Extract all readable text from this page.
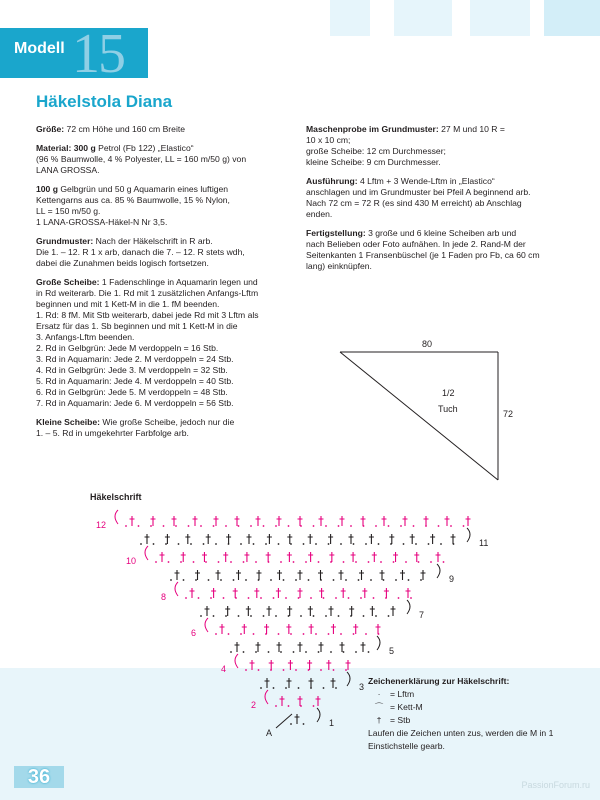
Modell 15
Häkelstola Diana

Größe: 72 cm Höhe und 160 cm Breite

Material: 300 g Petrol (Fb 122) „Elastico“
(96 % Baumwolle, 4 % Polyester, LL = 160 m/50 g) von
LANA GROSSA.

100 g Gelbgrün und 50 g Aquamarin eines luftigen
Kettengarns aus ca. 85 % Baumwolle, 15 % Nylon,
LL = 150 m/50 g.
1 LANA-GROSSA-Häkel-N Nr 3,5.

Grundmuster: Nach der Häkelschrift in R arb.
Die 1. – 12. R 1 x arb, danach die 7. – 12. R stets wdh,
dabei die Zunahmen beids logisch fortsetzen.

Große Scheibe: 1 Fadenschlinge in Aquamarin legen und
in Rd weiterarb. Die 1. Rd mit 1 zusätzlichen Anfangs-Lftm
beginnen und mit 1 Kett-M in die 1. fM beenden.
1. Rd: 8 fM. Mit Stb weiterarb, dabei jede Rd mit 3 Lftm als
Ersatz für das 1. Sb beginnen und mit 1 Kett-M in die
3. Anfangs-Lftm beenden.
2. Rd in Gelbgrün: Jede M verdoppeln = 16 Stb.
3. Rd in Aquamarin: Jede 2. M verdoppeln = 24 Stb.
4. Rd in Gelbgrün: Jede 3. M verdoppeln = 32 Stb.
5. Rd in Aquamarin: Jede 4. M verdoppeln = 40 Stb.
6. Rd in Gelbgrün: Jede 5. M verdoppeln = 48 Stb.
7. Rd in Aquamarin: Jede 6. M verdoppeln = 56 Stb.

Kleine Scheibe: Wie große Scheibe, jedoch nur die
1. – 5. Rd in umgekehrter Farbfolge arb.

Maschenprobe im Grundmuster: 27 M und 10 R =
10 x 10 cm;
große Scheibe: 12 cm Durchmesser;
kleine Scheibe: 9 cm Durchmesser.

Ausführung: 4 Lftm + 3 Wende-Lftm in „Elastico“
anschlagen und im Grundmuster bei Pfeil A beginnend arb.
Nach 72 cm = 72 R (es sind 430 M erreicht) ab Anschlag
enden.

Fertigstellung: 3 große und 6 kleine Scheiben arb und
nach Belieben oder Foto aufnähen. In jede 2. Rand-M der
Seitenkanten 1 Fransenbüschel (je 1 Faden pro Fb, ca 60 cm
lang) einknüpfen.

80
72
1/2
Tuch
Häkelschrift
12
10
8
6
4
2
11
9
7
5
3
1
A
Zeichenerklärung zur Häkelschrift:
·	= Lftm
⌒ = Kett-M
†	= Stb
Laufen die Zeichen unten zus, werden die M in 1 Einstichstelle gearb.
36	PassionForum.ru
